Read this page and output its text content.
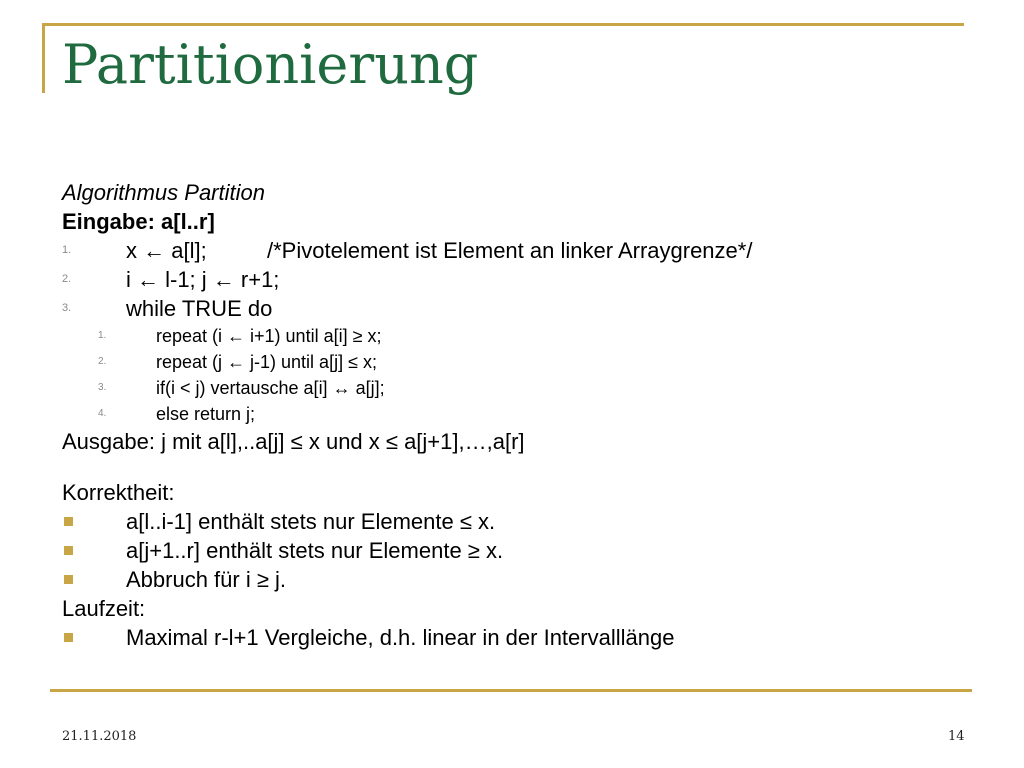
Partitionierung
Algorithmus Partition
Eingabe: a[l..r]
1. x ← a[l];	/*Pivotelement ist Element an linker Arraygrenze*/
2. i ← l-1; j ← r+1;
3. while TRUE do
1.	repeat (i ← i+1) until a[i] ≥ x;
2.	repeat (j ← j-1) until a[j] ≤ x;
3.	if(i < j) vertausche a[i] ↔ a[j];
4.	else return j;
Ausgabe: j mit a[l],..a[j] ≤ x und x ≤ a[j+1],…,a[r]
Korrektheit:
a[l..i-1] enthält stets nur Elemente ≤ x.
a[j+1..r] enthält stets nur Elemente ≥ x.
Abbruch für i ≥ j.
Laufzeit:
Maximal r-l+1 Vergleiche, d.h. linear in der Intervalllänge
21.11.2018	14
